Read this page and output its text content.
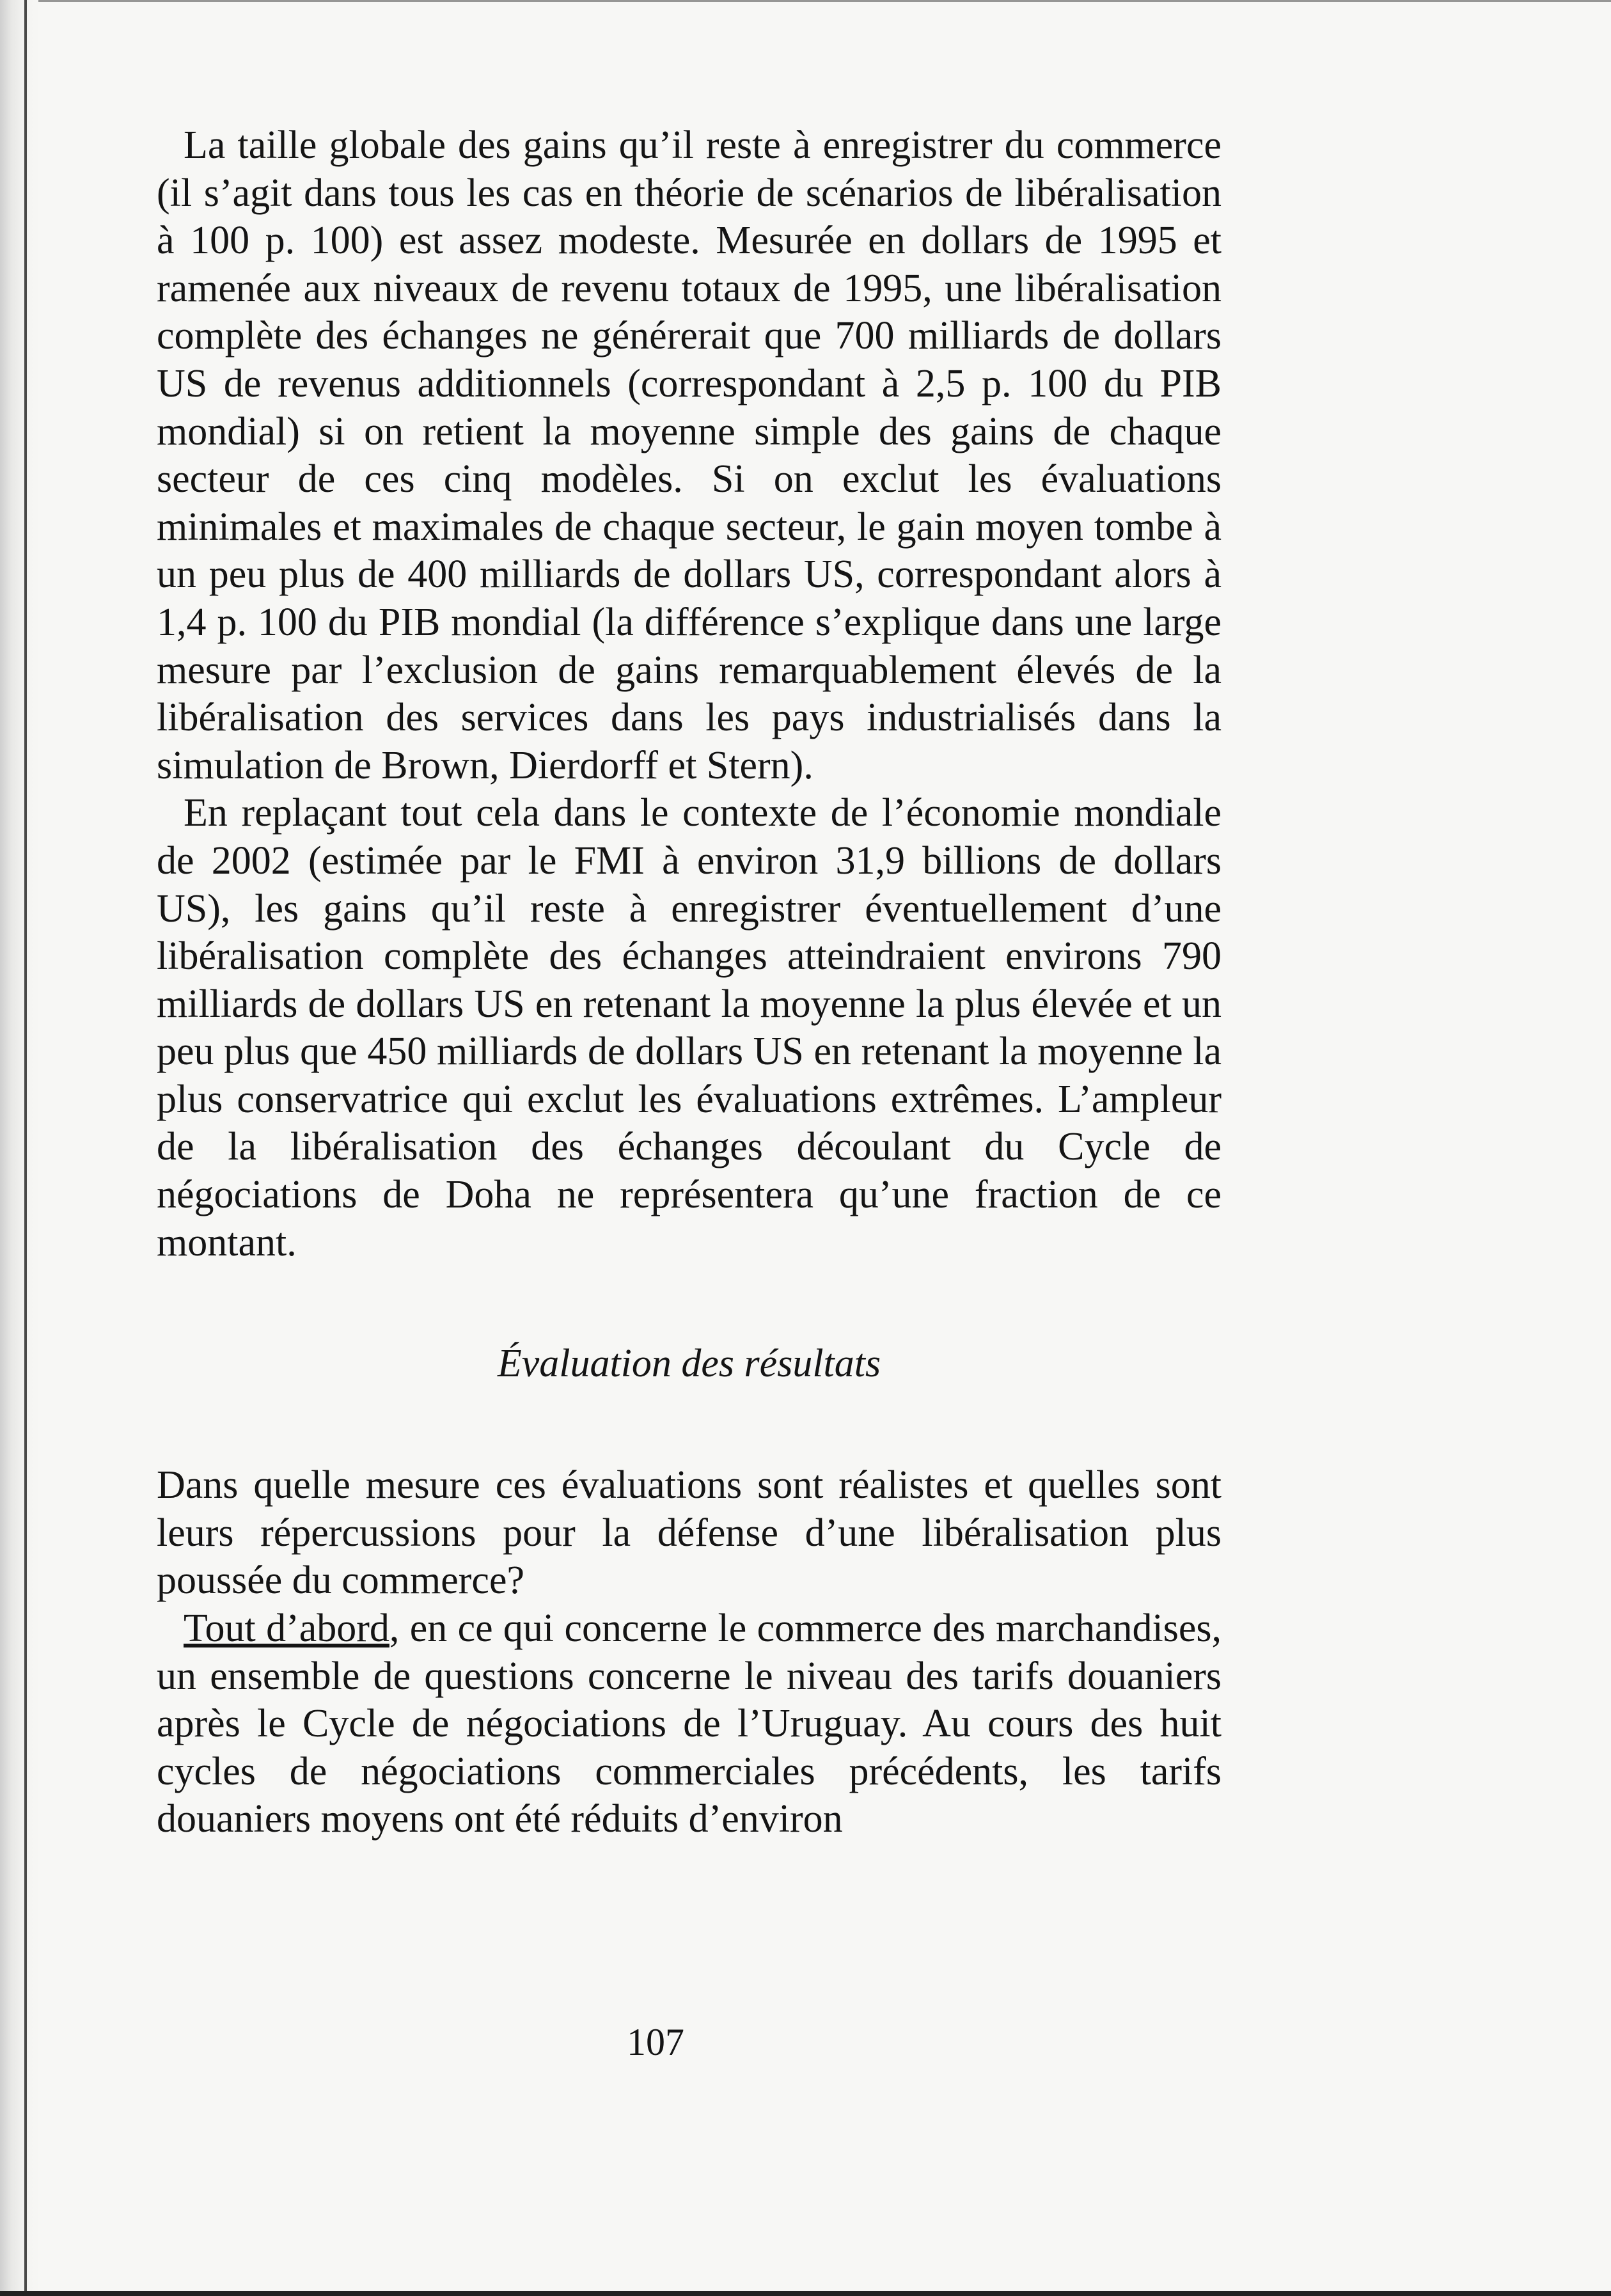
La taille globale des gains qu’il reste à enregistrer du commerce (il s’agit dans tous les cas en théorie de scénarios de libéralisation à 100 p. 100) est assez modeste. Mesurée en dollars de 1995 et ramenée aux niveaux de revenu totaux de 1995, une libéralisation complète des échanges ne générerait que 700 milliards de dollars US de revenus additionnels (correspondant à 2,5 p. 100 du PIB mondial) si on retient la moyenne simple des gains de chaque secteur de ces cinq modèles. Si on exclut les évaluations minimales et maximales de chaque secteur, le gain moyen tombe à un peu plus de 400 milliards de dollars US, correspondant alors à 1,4 p. 100 du PIB mondial (la différence s’explique dans une large mesure par l’exclusion de gains remarquablement élevés de la libéralisation des services dans les pays industrialisés dans la simulation de Brown, Dierdorff et Stern).

En replaçant tout cela dans le contexte de l’économie mondiale de 2002 (estimée par le FMI à environ 31,9 billions de dollars US), les gains qu’il reste à enregistrer éventuellement d’une libéralisation complète des échanges atteindraient environs 790 milliards de dollars US en retenant la moyenne la plus élevée et un peu plus que 450 milliards de dollars US en retenant la moyenne la plus conservatrice qui exclut les évaluations extrêmes. L’ampleur de la libéralisation des échanges découlant du Cycle de négociations de Doha ne représentera qu’une fraction de ce montant.

Évaluation des résultats

Dans quelle mesure ces évaluations sont réalistes et quelles sont leurs répercussions pour la défense d’une libéralisation plus poussée du commerce?

Tout d’abord, en ce qui concerne le commerce des marchandises, un ensemble de questions concerne le niveau des tarifs douaniers après le Cycle de négociations de l’Uruguay. Au cours des huit cycles de négociations commerciales précédents, les tarifs douaniers moyens ont été réduits d’environ

107
